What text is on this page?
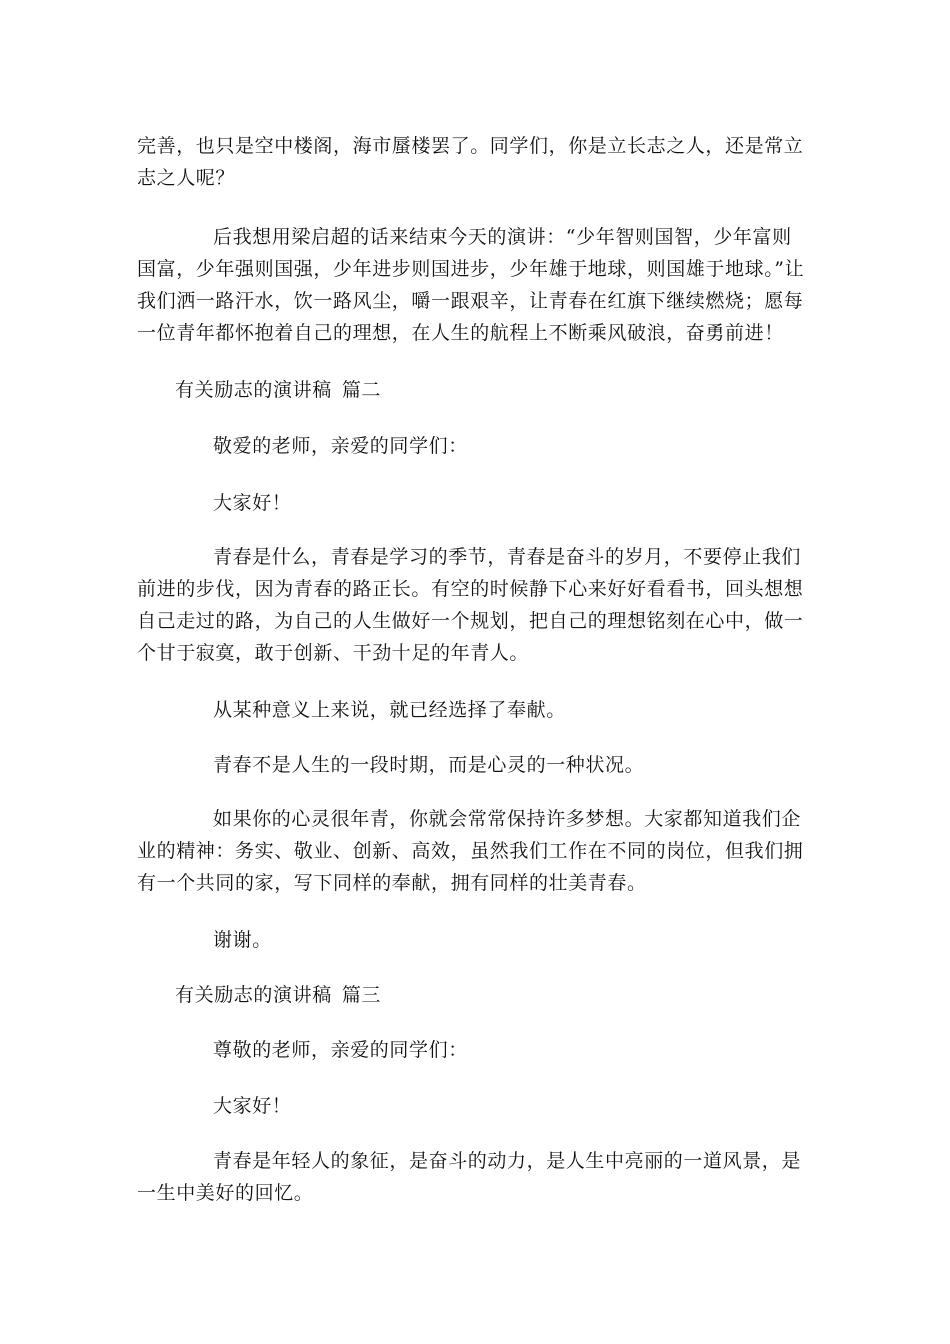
完善，也只是空中楼阁，海市蜃楼罢了。同学们，你是立长志之人，还是常立志之人呢？

后我想用梁启超的话来结束今天的演讲：“少年智则国智，少年富则国富，少年强则国强，少年进步则国进步，少年雄于地球，则国雄于地球。”让我们洒一路汗水，饮一路风尘，嚼一跟艰辛，让青春在红旗下继续燃烧；愿每一位青年都怀抱着自己的理想，在人生的航程上不断乘风破浪，奋勇前进！

有关励志的演讲稿 篇二

敬爱的老师，亲爱的同学们：

大家好！

青春是什么，青春是学习的季节，青春是奋斗的岁月，不要停止我们前进的步伐，因为青春的路正长。有空的时候静下心来好好看看书，回头想想自己走过的路，为自己的人生做好一个规划，把自己的理想铭刻在心中，做一个甘于寂寞，敢于创新、干劲十足的年青人。

从某种意义上来说，就已经选择了奉献。

青春不是人生的一段时期，而是心灵的一种状况。

如果你的心灵很年青，你就会常常保持许多梦想。大家都知道我们企业的精神：务实、敬业、创新、高效，虽然我们工作在不同的岗位，但我们拥有一个共同的家，写下同样的奉献，拥有同样的壮美青春。

谢谢。

有关励志的演讲稿 篇三

尊敬的老师，亲爱的同学们：

大家好！

青春是年轻人的象征，是奋斗的动力，是人生中亮丽的一道风景，是一生中美好的回忆。
